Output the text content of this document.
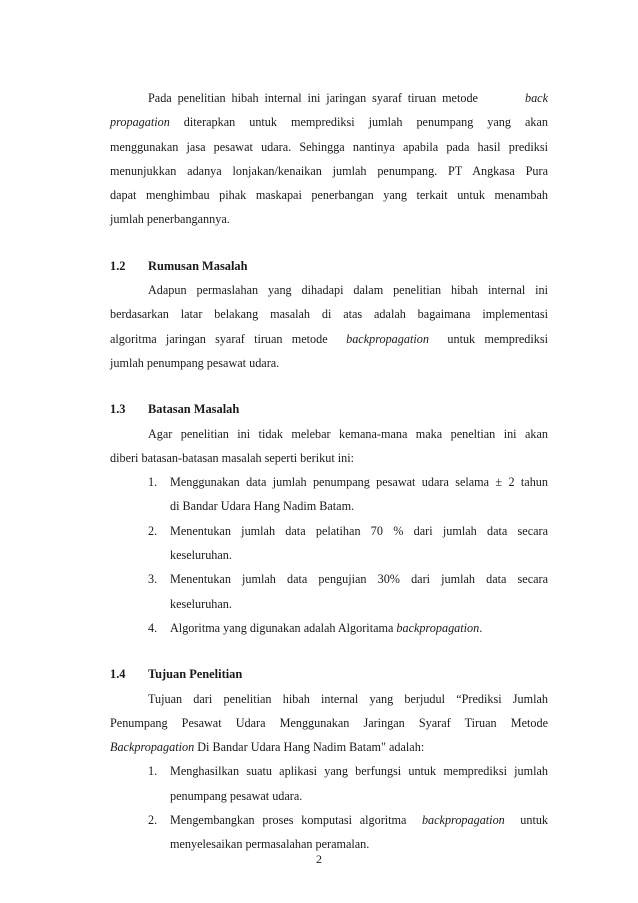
Pada penelitian hibah internal ini jaringan syaraf tiruan metode	back
propagation diterapkan untuk memprediksi jumlah penumpang yang akan
menggunakan jasa pesawat udara. Sehingga nantinya apabila pada hasil prediksi
menunjukkan adanya lonjakan/kenaikan jumlah penumpang. PT Angkasa Pura
dapat menghimbau pihak maskapai penerbangan yang terkait untuk menambah
jumlah penerbangannya.
1.2 Rumusan Masalah
Adapun permaslahan yang dihadapi dalam penelitian hibah internal ini
berdasarkan latar belakang masalah di atas adalah bagaimana implementasi
algoritma jaringan syaraf tiruan metode backpropagation untuk memprediksi
jumlah penumpang pesawat udara.
1.3 Batasan Masalah
Agar penelitian ini tidak melebar kemana-mana maka peneltian ini akan
diberi batasan-batasan masalah seperti berikut ini:
1. Menggunakan data jumlah penumpang pesawat udara selama ± 2 tahun
di Bandar Udara Hang Nadim Batam.
2. Menentukan jumlah data pelatihan 70 % dari jumlah data secara
keseluruhan.
3. Menentukan jumlah data pengujian 30% dari jumlah data secara
keseluruhan.
4. Algoritma yang digunakan adalah Algoritama backpropagation.
1.4 Tujuan Penelitian
Tujuan dari penelitian hibah internal yang berjudul “Prediksi Jumlah
Penumpang Pesawat Udara Menggunakan Jaringan Syaraf Tiruan Metode
Backpropagation Di Bandar Udara Hang Nadim Batam" adalah:
1. Menghasilkan suatu aplikasi yang berfungsi untuk memprediksi jumlah
penumpang pesawat udara.
2. Mengembangkan proses komputasi algoritma backpropagation untuk
menyelesaikan permasalahan peramalan.
2
